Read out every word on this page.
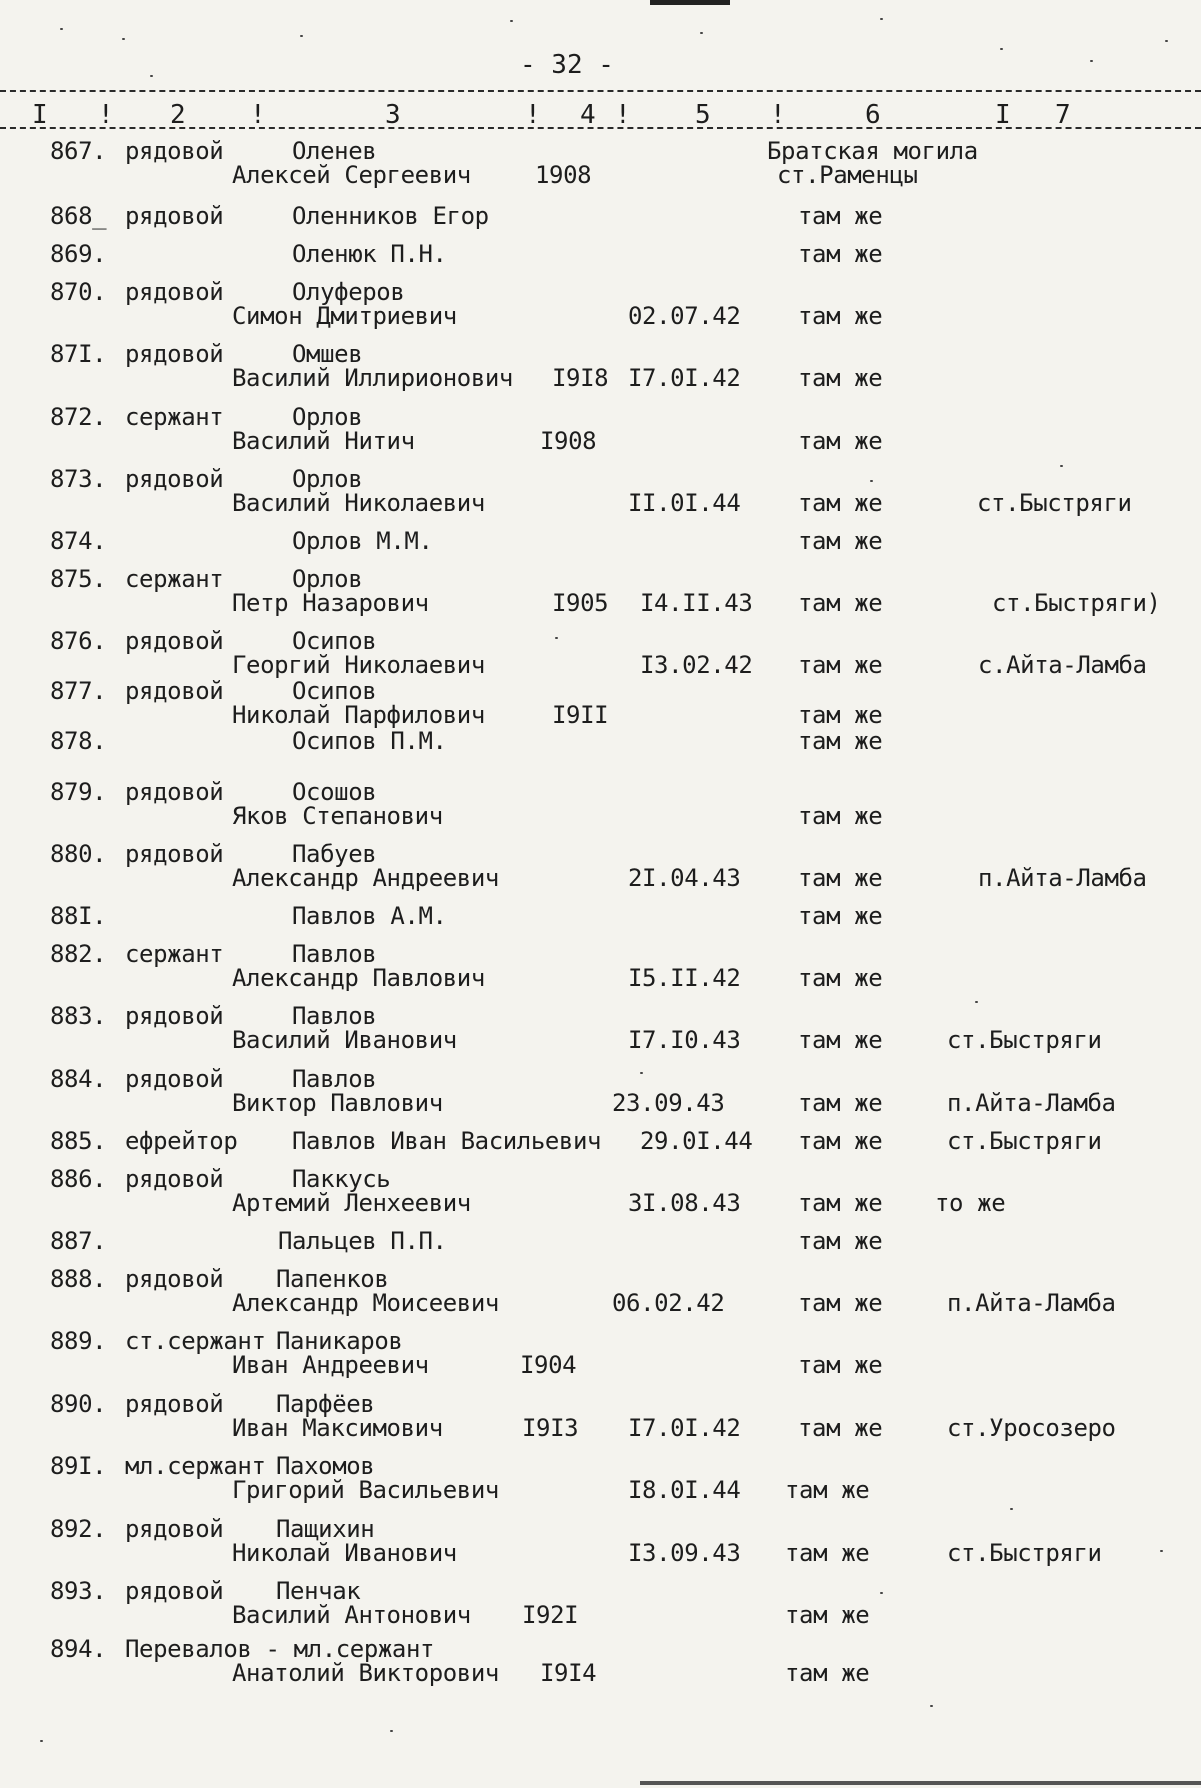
- 32 -
I ! 2 !	3	! 4 ! 5 !	6	I 7
867. рядовой	Оленев
Алексей Сергеевич	1908
Братская могила
ст.Раменцы
868_ рядовой	Оленников Егор	там же
869.	Оленюк П.Н.	там же
870. рядовой	Олуферов
Симон Дмитриевич	02.07.42 там же
87I. рядовой	Омшев
Василий Иллирионович I9I8 I7.0I.42 там же
872. сержант	Орлов
Василий Нитич	I908	там же
873. рядовой	Орлов
Василий Николаевич	II.0I.44 там же	ст.Быстряги
874.	Орлов М.М.	там же
875. сержант	Орлов
Петр Назарович	I905 I4.II.43 там же	ст.Быстряги)
876. рядовой	Осипов
Георгий Николаевич	I3.02.42 там же	с.Айта-Ламба
877. рядовой	Осипов
Николай Парфилович	I9II	там же
878.	Осипов П.М.	там же
879. рядовой	Осошов
Яков Степанович	там же
880. рядовой	Пабуев
Александр Андреевич	2I.04.43 там же	п.Айта-Ламба
88I.	Павлов А.М.	там же
882. сержант	Павлов
Александр Павлович	I5.II.42 там же
883. рядовой	Павлов
Василий Иванович	I7.I0.43 там же	ст.Быстряги
884. рядовой	Павлов
Виктор Павлович	23.09.43	там же	п.Айта-Ламба
885. ефрейтор Павлов Иван Васильевич 29.0I.44 там же	ст.Быстряги
886. рядовой	Паккусь
Артемий Ленхеевич	3I.08.43 там же то же
887.	Пальцев П.П.	там же
888. рядовой Папенков
Александр Моисеевич	06.02.42	там же	п.Айта-Ламба
889. ст.сержант Паникаров
Иван Андреевич	I904	там же
890. рядовой Парфёев
Иван Максимович	I9I3 I7.0I.42 там же	ст.Уросозеро
89I. мл.сержант Пахомов
Григорий Васильевич	I8.0I.44 там же
892. рядовой Пащихин
Николай Иванович	I3.09.43 там же	ст.Быстряги
893. рядовой Пенчак
Василий Антонович I92I	там же
894. Перевалов - мл.сержант
Анатолий Викторович I9I4	там же
